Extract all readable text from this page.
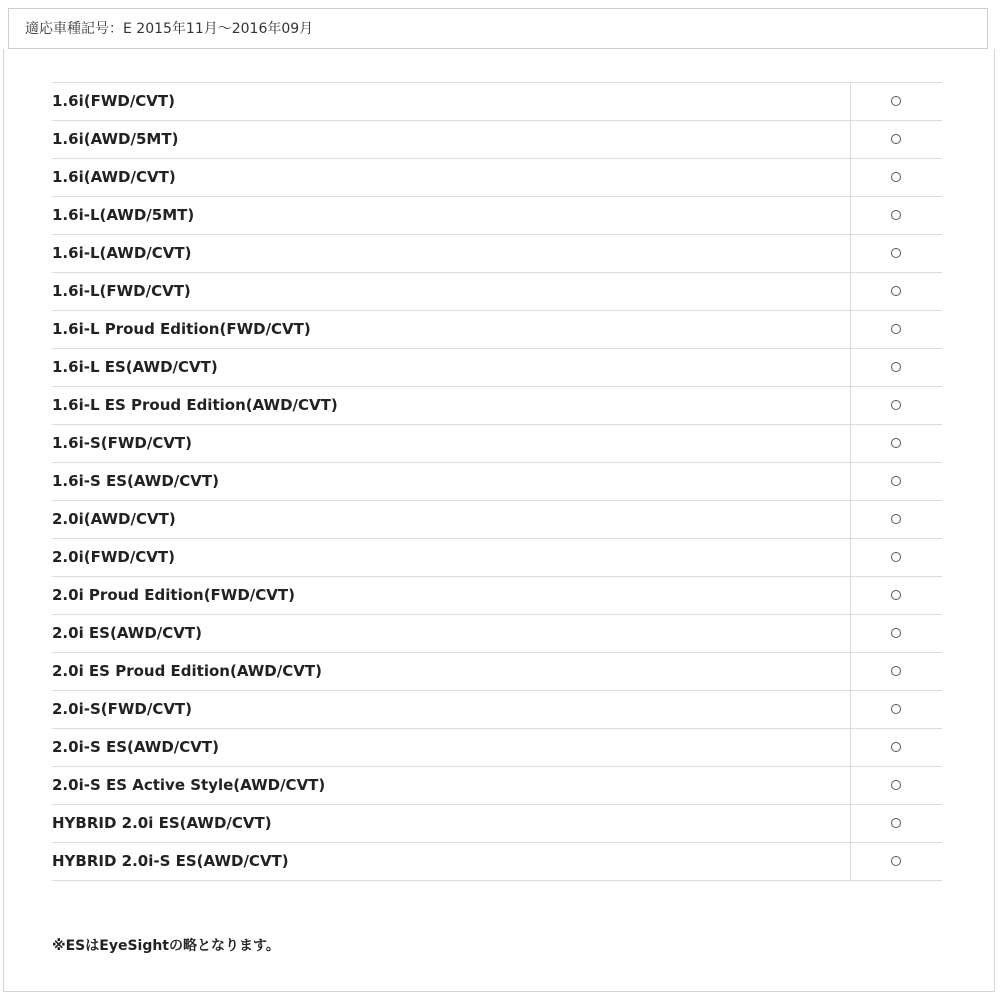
適応車種記号：E 2015年11月～2016年09月
1.6i(FWD/CVT)
1.6i(AWD/5MT)
1.6i(AWD/CVT)
1.6i-L(AWD/5MT)
1.6i-L(AWD/CVT)
1.6i-L(FWD/CVT)
1.6i-L Proud Edition(FWD/CVT)
1.6i-L ES(AWD/CVT)
1.6i-L ES Proud Edition(AWD/CVT)
1.6i-S(FWD/CVT)
1.6i-S ES(AWD/CVT)
2.0i(AWD/CVT)
2.0i(FWD/CVT)
2.0i Proud Edition(FWD/CVT)
2.0i ES(AWD/CVT)
2.0i ES Proud Edition(AWD/CVT)
2.0i-S(FWD/CVT)
2.0i-S ES(AWD/CVT)
2.0i-S ES Active Style(AWD/CVT)
HYBRID 2.0i ES(AWD/CVT)
HYBRID 2.0i-S ES(AWD/CVT)
※ESはEyeSightの略となります。
